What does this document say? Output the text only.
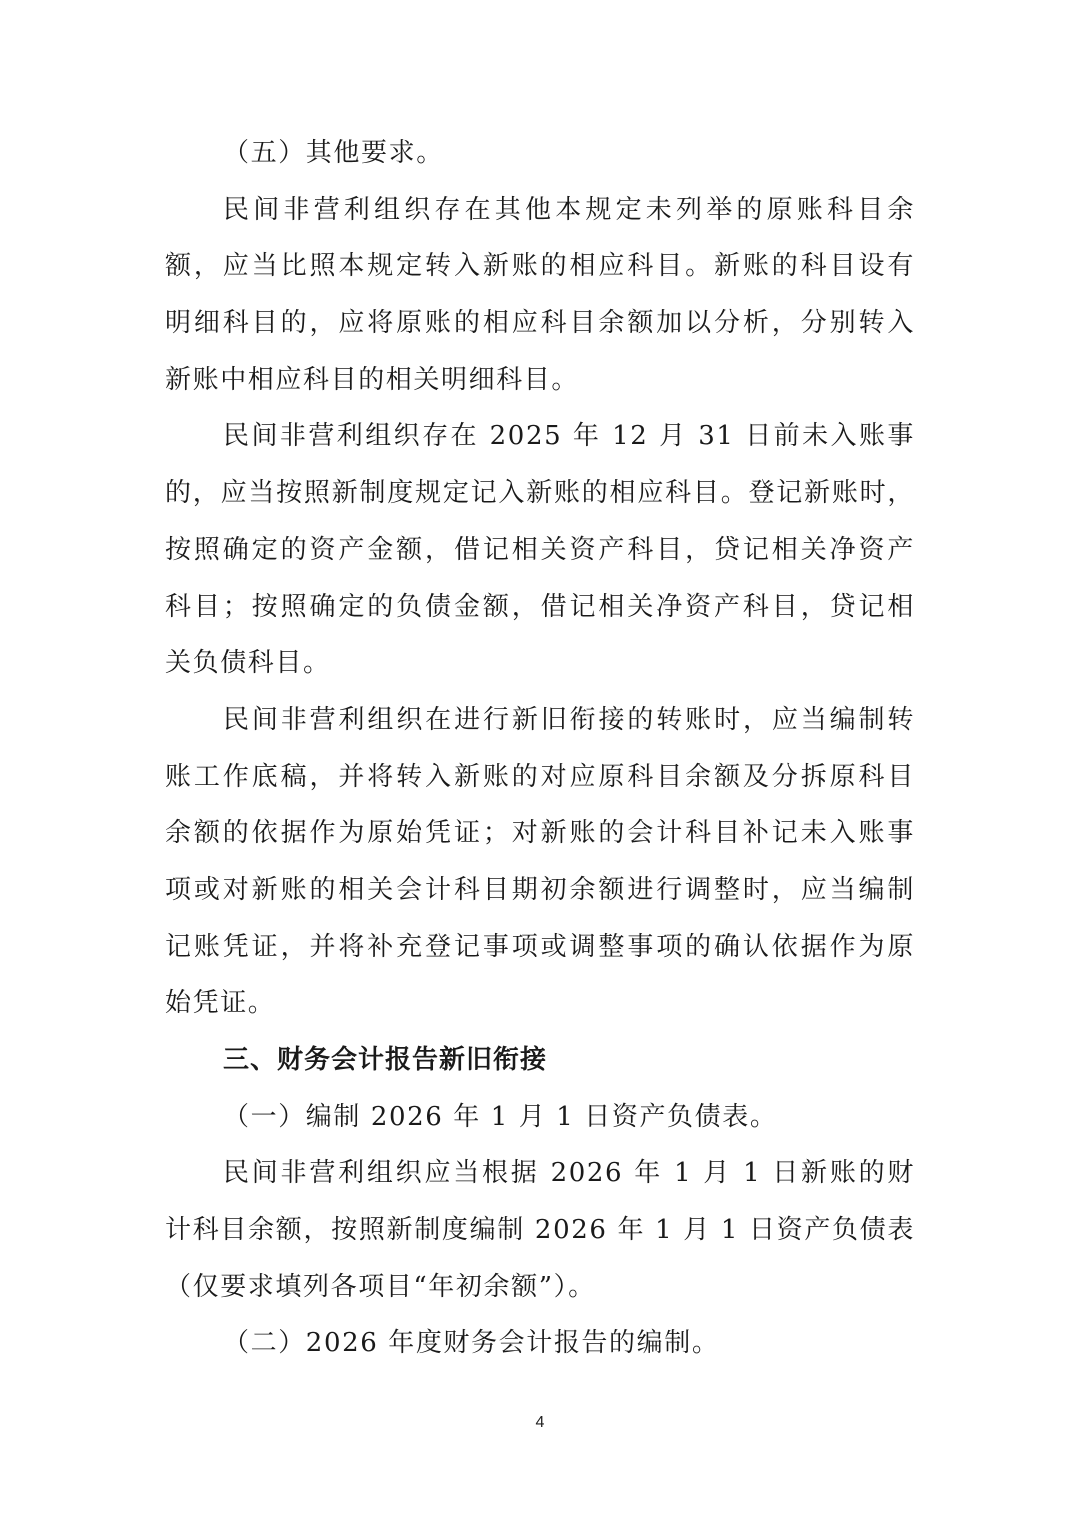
（五）其他要求。
民间非营利组织存在其他本规定未列举的原账科目余
额，应当比照本规定转入新账的相应科目。新账的科目设有
明细科目的，应将原账的相应科目余额加以分析，分别转入
新账中相应科目的相关明细科目。
民间非营利组织存在 2025 年 12 月 31 日前未入账事
的，应当按照新制度规定记入新账的相应科目。登记新账时，
按照确定的资产金额，借记相关资产科目，贷记相关净资产
科目；按照确定的负债金额，借记相关净资产科目，贷记相
关负债科目。
民间非营利组织在进行新旧衔接的转账时，应当编制转
账工作底稿，并将转入新账的对应原科目余额及分拆原科目
余额的依据作为原始凭证；对新账的会计科目补记未入账事
项或对新账的相关会计科目期初余额进行调整时，应当编制
记账凭证，并将补充登记事项或调整事项的确认依据作为原
始凭证。
三、财务会计报告新旧衔接
（一）编制 2026 年 1 月 1 日资产负债表。
民间非营利组织应当根据 2026 年 1 月 1 日新账的财
计科目余额，按照新制度编制 2026 年 1 月 1 日资产负债表
（仅要求填列各项目“年初余额”）。
（二）2026 年度财务会计报告的编制。
4
